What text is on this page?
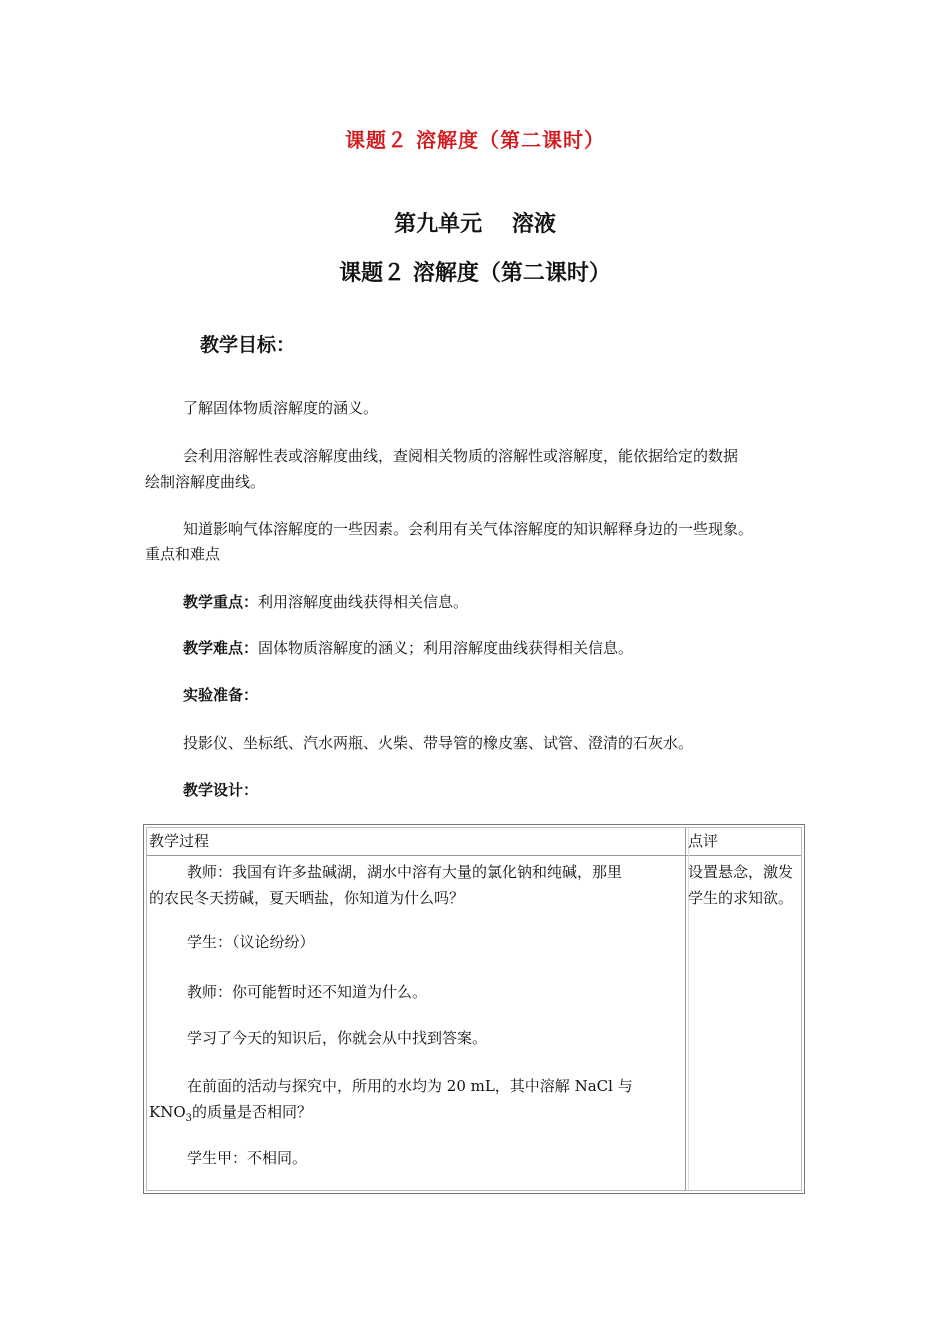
课题２ 溶解度（第二课时）
第九单元　 溶液
课题２ 溶解度（第二课时）
教学目标：
了解固体物质溶解度的涵义。
会利用溶解性表或溶解度曲线，查阅相关物质的溶解性或溶解度，能依据给定的数据
绘制溶解度曲线。
知道影响气体溶解度的一些因素。会利用有关气体溶解度的知识解释身边的一些现象。
重点和难点
教学重点：利用溶解度曲线获得相关信息。
教学难点：固体物质溶解度的涵义；利用溶解度曲线获得相关信息。
实验准备：
投影仪、坐标纸、汽水两瓶、火柴、带导管的橡皮塞、试管、澄清的石灰水。
教学设计：
教学过程	点评
教师：我国有许多盐碱湖，湖水中溶有大量的氯化钠和纯碱，那里
的农民冬天捞碱，夏天晒盐，你知道为什么吗？
学生：（议论纷纷）
教师：你可能暂时还不知道为什么。
学习了今天的知识后，你就会从中找到答案。
在前面的活动与探究中，所用的水均为 20 mL，其中溶解 NaCl 与
$KNO_3$的质量是否相同？
学生甲：不相同。
设置悬念，激发
学生的求知欲。
